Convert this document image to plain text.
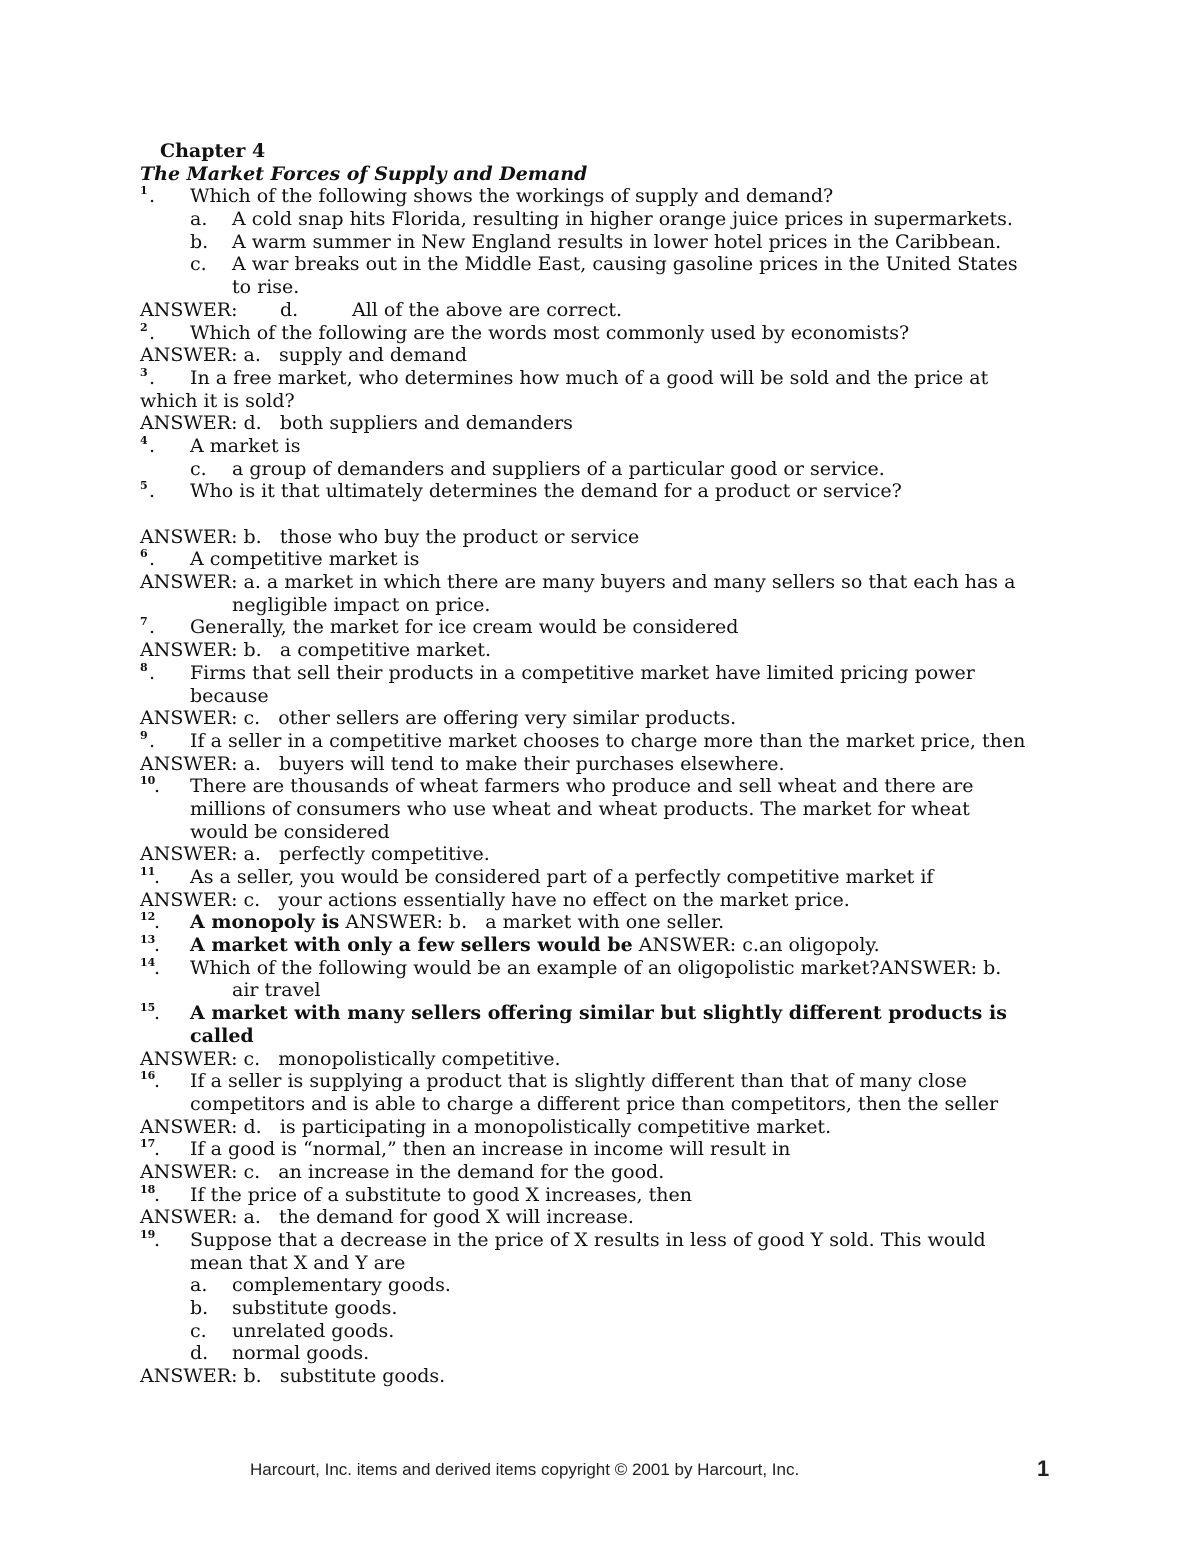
Chapter 4
The Market Forces of Supply and Demand
1 . Which of the following shows the workings of supply and demand?
a. A cold snap hits Florida, resulting in higher orange juice prices in supermarkets.
b. A warm summer in New England results in lower hotel prices in the Caribbean.
c. A war breaks out in the Middle East, causing gasoline prices in the United States
to rise.
ANSWER: d.	All of the above are correct.
2 . Which of the following are the words most commonly used by economists?
ANSWER: a.   supply and demand
3 . In a free market, who determines how much of a good will be sold and the price at
which it is sold?
ANSWER: d.   both suppliers and demanders
4 . A market is
c. a group of demanders and suppliers of a particular good or service.
5 . Who is it that ultimately determines the demand for a product or service?
ANSWER: b.   those who buy the product or service
6 . A competitive market is
ANSWER: a. a market in which there are many buyers and many sellers so that each has a
negligible impact on price.
7 . Generally, the market for ice cream would be considered
ANSWER: b.   a competitive market.
8 . Firms that sell their products in a competitive market have limited pricing power
because
ANSWER: c.   other sellers are offering very similar products.
9 . If a seller in a competitive market chooses to charge more than the market price, then
ANSWER: a.   buyers will tend to make their purchases elsewhere.
10
. There are thousands of wheat farmers who produce and sell wheat and there are
millions of consumers who use wheat and wheat products. The market for wheat
would be considered
ANSWER: a.   perfectly competitive.
11
. As a seller, you would be considered part of a perfectly competitive market if
ANSWER: c.   your actions essentially have no effect on the market price.
12
. A monopoly is ANSWER: b.   a market with one seller.
13
. A market with only a few sellers would be ANSWER: c.an oligopoly.
14
. Which of the following would be an example of an oligopolistic market?ANSWER: b.
air travel
15
. A market with many sellers offering similar but slightly different products is
called
ANSWER: c.   monopolistically competitive.
16
. If a seller is supplying a product that is slightly different than that of many close
competitors and is able to charge a different price than competitors, then the seller
ANSWER: d.   is participating in a monopolistically competitive market.
17
. If a good is “normal,” then an increase in income will result in
ANSWER: c.   an increase in the demand for the good.
18
. If the price of a substitute to good X increases, then
ANSWER: a.   the demand for good X will increase.
19
. Suppose that a decrease in the price of X results in less of good Y sold. This would
mean that X and Y are
a. complementary goods.
b. substitute goods.
c. unrelated goods.
d. normal goods.
ANSWER: b.   substitute goods.
Harcourt, Inc. items and derived items copyright © 2001 by Harcourt, Inc.	1
